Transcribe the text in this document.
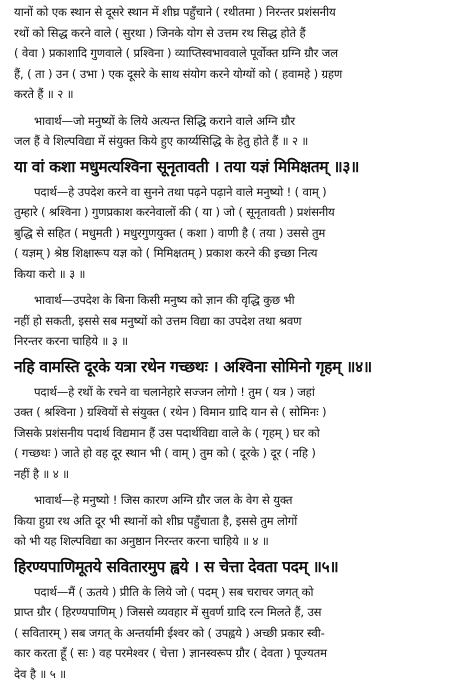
यानों को एक स्थान से दूसरे स्थान में शीघ्र पहुँचाने ( रथीतमा ) निरन्तर प्रशंसनीय
रथों को सिद्ध करने वाले ( सुरथा ) जिनके योग से उत्तम रथ सिद्ध होते हैं
( वेवा ) प्रकाशादि गुणवाले ( प्रश्विना ) व्याप्तिस्वभाववाले पूर्वोक्त ग्रग्नि ग्रौर जल
हैं, ( ता ) उन ( उभा ) एक दूसरे के साथ संयोग करने योग्यों को ( हवामहे ) ग्रहण
करते हैं ॥ २ ॥
भावार्थ—जो मनुष्यों के लिये अत्यन्त सिद्धि कराने वाले अग्नि ग्रौर
जल हैं वे शिल्पविद्या में संयुक्त किये हुए कार्य्यसिद्धि के हेतु होते हैं ॥ २ ॥
या वां कशा मधुमत्यश्विना सूनृतावती । तया यज्ञं मिमिक्षतम् ॥३॥
पदार्थ—हे उपदेश करने वा सुनने तथा पढ़ने पढ़ाने वाले मनुष्यो ! ( वाम् )
तुम्हारे ( श्रश्विना ) गुणप्रकाश करनेवालों की ( या ) जो ( सूनृतावती ) प्रशंसनीय
बुद्धि से सहित ( मधुमती ) मधुरगुणयुक्त ( कशा ) वाणी है ( तया ) उससे तुम
( यज्ञम् ) श्रेष्ठ शिक्षारूप यज्ञ को ( मिमिक्षतम् ) प्रकाश करने की इच्छा नित्य
किया करो ॥ ३ ॥
भावार्थ—उपदेश के बिना किसी मनुष्य को ज्ञान की वृद्धि कुछ भी
नहीं हो सकती, इससे सब मनुष्यों को उत्तम विद्या का उपदेश तथा श्रवण
निरन्तर करना चाहिये ॥ ३ ॥
नहि वामस्ति दूरके यत्रा रथेन गच्छथः । अश्विना सोमिनो गृहम् ॥४॥
पदार्थ—हे रथों के रचने वा चलानेहारे सज्जन लोगो ! तुम ( यत्र ) जहां
उक्त ( श्रश्विना ) ग्रश्वियों से संयुक्त ( रथेन ) विमान ग्रादि यान से ( सोमिनः )
जिसके प्रशंसनीय पदार्थ विद्यमान हैं उस पदार्थविद्या वाले के ( गृहम् ) घर को
( गच्छथः ) जाते हो वह दूर स्थान भी ( वाम् ) तुम को ( दूरके ) दूर ( नहि )
नहीं है ॥ ४ ॥
भावार्थ—हे मनुष्यो ! जिस कारण अग्नि ग्रौर जल के वेग से युक्त
किया हुग्रा रथ अति दूर भी स्थानों को शीघ्र पहुँचाता है, इससे तुम लोगों
को भी यह शिल्पविद्या का अनुष्ठान निरन्तर करना चाहिये ॥ ४ ॥
हिरण्यपाणिमूतये सवितारमुप ह्वये । स चेत्ता देवता पदम् ॥५॥
पदार्थ—मैं ( ऊतये ) प्रीति के लिये जो ( पदम् ) सब चराचर जगत् को
प्राप्त ग्रौर ( हिरण्यपाणिम् ) जिससे व्यवहार में सुवर्ण ग्रादि रत्न मिलते हैं, उस
( सवितारम् ) सब जगत् के अन्तर्यामी ईश्वर को ( उपह्वये ) अच्छी प्रकार स्वी-
कार करता हूँ ( सः ) वह परमेश्वर ( चेत्ता ) ज्ञानस्वरूप ग्रौर ( देवता ) पूज्यतम
देव है ॥ ५ ॥
